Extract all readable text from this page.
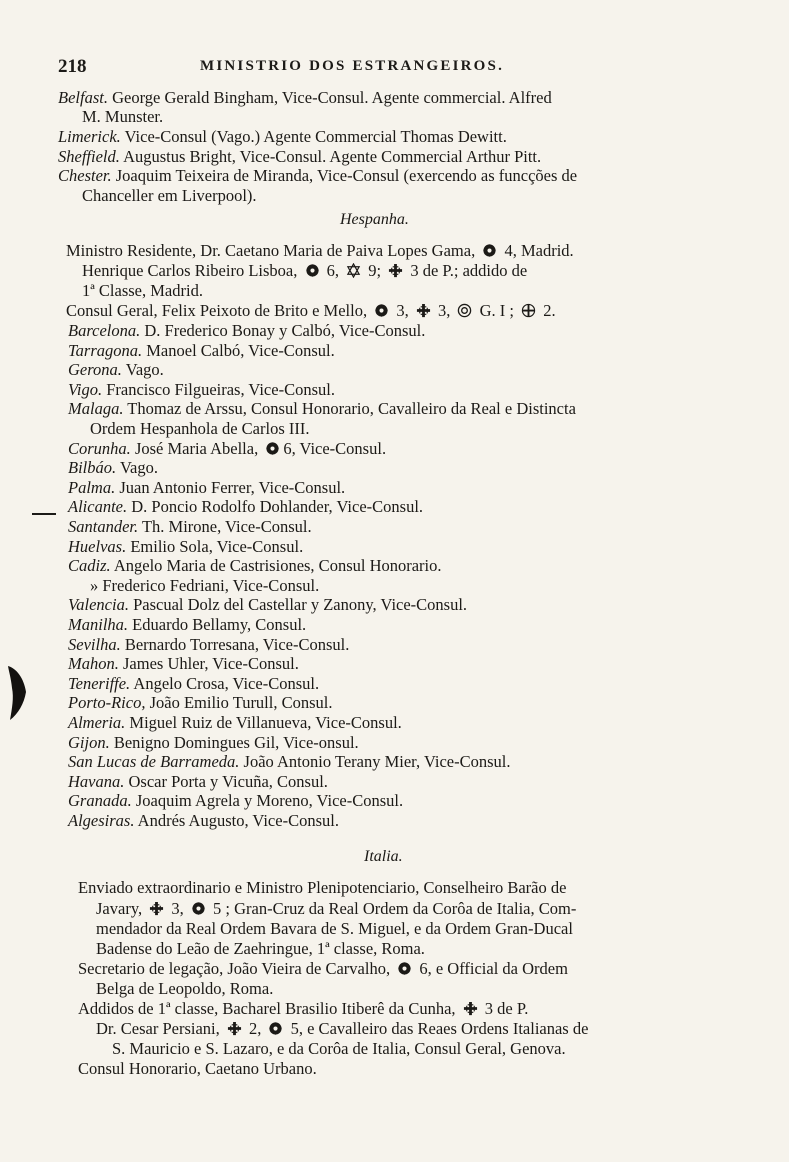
218	MINISTRIO DOS ESTRANGEIROS.
Belfast. George Gerald Bingham, Vice-Consul. Agente commercial. Alfred
M. Munster.
Limerick. Vice-Consul (Vago.) Agente Commercial Thomas Dewitt.
Sheffield. Augustus Bright, Vice-Consul. Agente Commercial Arthur Pitt.
Chester. Joaquim Teixeira de Miranda, Vice-Consul (exercendo as funcções de
Chanceller em Liverpool).
Hespanha.
Ministro Residente, Dr. Caetano Maria de Paiva Lopes Gama, 4, Madrid.
Henrique Carlos Ribeiro Lisboa, 6, 9; 3 de P.; addido de
1ª Classe, Madrid.
Consul Geral, Felix Peixoto de Brito e Mello, 3, 3, G. I ; 2.
Barcelona. D. Frederico Bonay y Calbó, Vice-Consul.
Tarragona. Manoel Calbó, Vice-Consul.
Gerona. Vago.
Vigo. Francisco Filgueiras, Vice-Consul.
Malaga. Thomaz de Arssu, Consul Honorario, Cavalleiro da Real e Distincta
Ordem Hespanhola de Carlos III.
Corunha. José Maria Abella, 6, Vice-Consul.
Bilbáo. Vago.
Palma. Juan Antonio Ferrer, Vice-Consul.
Alicante. D. Poncio Rodolfo Dohlander, Vice-Consul.
Santander. Th. Mirone, Vice-Consul.
Huelvas. Emilio Sola, Vice-Consul.
Cadiz. Angelo Maria de Castrisiones, Consul Honorario.
» Frederico Fedriani, Vice-Consul.
Valencia. Pascual Dolz del Castellar y Zanony, Vice-Consul.
Manilha. Eduardo Bellamy, Consul.
Sevilha. Bernardo Torresana, Vice-Consul.
Mahon. James Uhler, Vice-Consul.
Teneriffe. Angelo Crosa, Vice-Consul.
Porto-Rico, João Emilio Turull, Consul.
Almeria. Miguel Ruiz de Villanueva, Vice-Consul.
Gijon. Benigno Domingues Gil, Vice-onsul.
San Lucas de Barrameda. João Antonio Terany Mier, Vice-Consul.
Havana. Oscar Porta y Vicuña, Consul.
Granada. Joaquim Agrela y Moreno, Vice-Consul.
Algesiras. Andrés Augusto, Vice-Consul.
Italia.
Enviado extraordinario e Ministro Plenipotenciario, Conselheiro Barão de
Javary, 3, 5 ; Gran-Cruz da Real Ordem da Corôa de Italia, Com-
mendador da Real Ordem Bavara de S. Miguel, e da Ordem Gran-Ducal
Badense do Leão de Zaehringue, 1ª classe, Roma.
Secretario de legação, João Vieira de Carvalho, 6, e Official da Ordem
Belga de Leopoldo, Roma.
Addidos de 1ª classe, Bacharel Brasilio Itiberê da Cunha, 3 de P.
Dr. Cesar Persiani, 2, 5, e Cavalleiro das Reaes Ordens Italianas de
S. Mauricio e S. Lazaro, e da Corôa de Italia, Consul Geral, Genova.
Consul Honorario, Caetano Urbano.
